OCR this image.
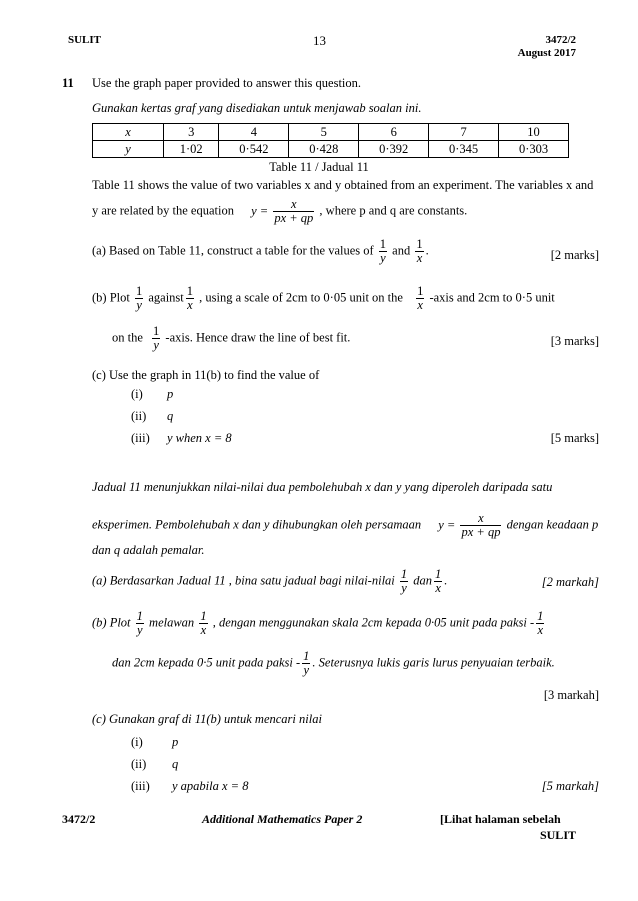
SULIT	13	3472/2
August 2017
11 Use the graph paper provided to answer this question.
Gunakan kertas graf yang disediakan untuk menjawab soalan ini.
x	3	4	5	6	7	10
y	1·02	0·542	0·428	0·392	0·345	0·303
Table 11 / Jadual 11
Table 11 shows the value of two variables x and y obtained from an experiment. The variables x and
y are related by the equation $y = \frac{x}{px + qp}$ , where p and q are constants.
(a) Based on Table 11, construct a table for the values of $\frac{1}{y}$ and $\frac{1}{x}$ .	[2 marks]
(b) Plot $\frac{1}{y}$ against $\frac{1}{x}$ , using a scale of 2cm to 0·05 unit on the $\frac{1}{x}$ -axis and 2cm to 0·5 unit
on the $\frac{1}{y}$ -axis. Hence draw the line of best fit.	[3 marks]
(c) Use the graph in 11(b) to find the value of
(i) p
(ii) q
(iii) y when x = 8	[5 marks]
Jadual 11 menunjukkan nilai-nilai dua pembolehubah x dan y yang diperoleh daripada satu
eksperimen. Pembolehubah x dan y dihubungkan oleh persamaan $y = \frac{x}{px + qp}$ dengan keadaan p
dan q adalah pemalar.
(a) Berdasarkan Jadual 11 , bina satu jadual bagi nilai-nilai $\frac{1}{y}$ dan $\frac{1}{x}$ .	[2 markah]
(b) Plot $\frac{1}{y}$ melawan $\frac{1}{x}$ , dengan menggunakan skala 2cm kepada 0·05 unit pada paksi - $\frac{1}{x}$
dan 2cm kepada 0·5 unit pada paksi - $\frac{1}{y}$ . Seterusnya lukis garis lurus penyuaian terbaik.
[3 markah]
(c) Gunakan graf di 11(b) untuk mencari nilai
(i) p
(ii) q
(iii) y apabila x = 8	[5 markah]
3472/2	Additional Mathematics Paper 2	[Lihat halaman sebelah
SULIT
